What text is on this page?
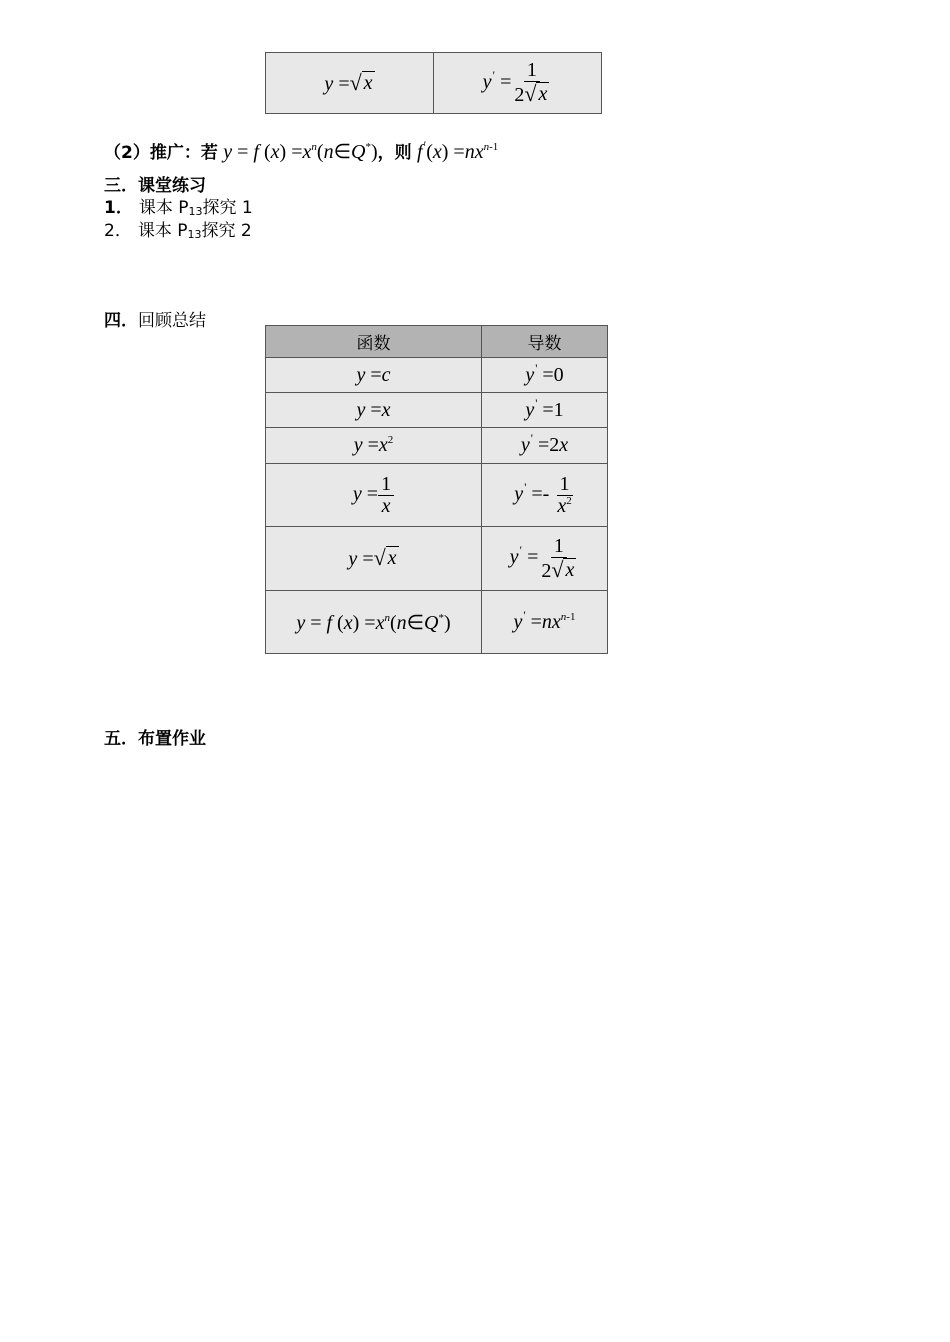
y = √ x	$y' = \frac{1}{2 √ x}$
（2）推广：若 y = f $(x) =x^n(n\in Q^*)$，则 $f'(x) =nx^{n-1}$
三．课堂练习
1． 课本 P13探究 1
2． 课本 P13探究 2
四．回顾总结
函数	导数
y =c	y' =0
y =x	y' =1
$y =x^2$	y' =2x
$y = \frac{1}{x}$	$y' =- \frac{1}{x^2}$

y = √ x	$y' = \frac{1}{2 √ x}$

y = f $(x) =x^n(n\in Q^*)$	$y' =nx^{n-1}$
五．布置作业
